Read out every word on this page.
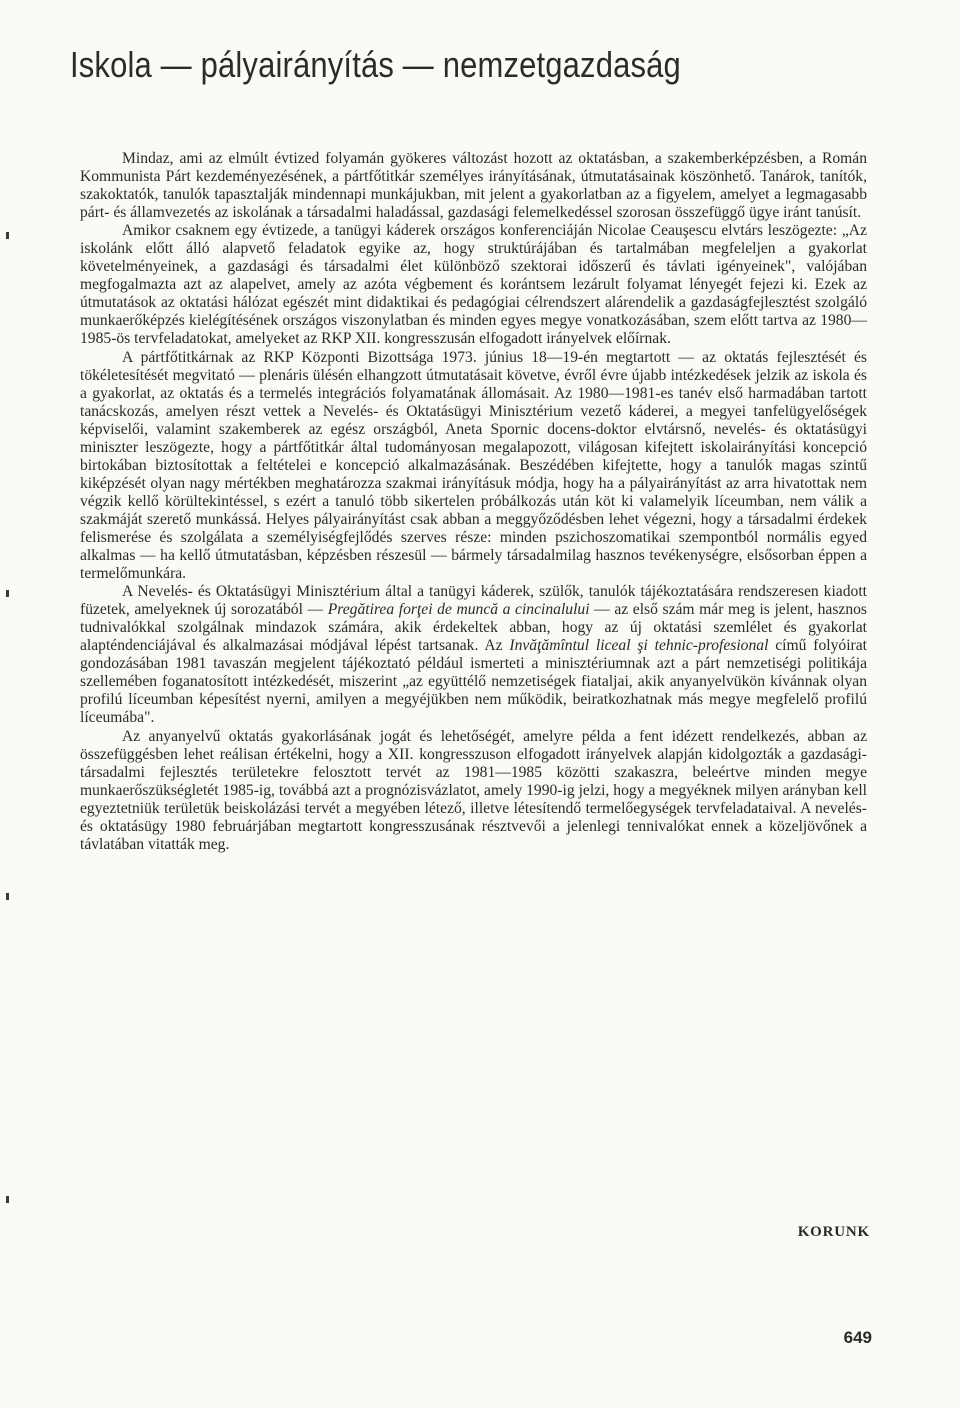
Iskola — pályairányítás — nemzetgazdaság

Mindaz, ami az elmúlt évtized folyamán gyökeres változást hozott az oktatásban, a szakemberképzésben, a Román Kommunista Párt kezdeményezésének, a pártfőtitkár személyes irányításának, útmutatásainak köszönhető. Tanárok, tanítók, szakoktatók, tanulók tapasztalják mindennapi munkájukban, mit jelent a gyakorlatban az a figyelem, amelyet a legmagasabb párt- és államvezetés az iskolának a társadalmi haladással, gazdasági felemelkedéssel szorosan összefüggő ügye iránt tanúsít.

Amikor csaknem egy évtizede, a tanügyi káderek országos konferenciáján Nicolae Ceauşescu elvtárs leszögezte: „Az iskolánk előtt álló alapvető feladatok egyike az, hogy struktúrájában és tartalmában megfeleljen a gyakorlat követelményeinek, a gazdasági és társadalmi élet különböző szektorai időszerű és távlati igényeinek", valójában megfogalmazta azt az alapelvet, amely az azóta végbement és korántsem lezárult folyamat lényegét fejezi ki. Ezek az útmutatások az oktatási hálózat egészét mint didaktikai és pedagógiai célrendszert alárendelik a gazdaságfejlesztést szolgáló munkaerőképzés kielégítésének országos viszonylatban és minden egyes megye vonatkozásában, szem előtt tartva az 1980—1985-ös tervfeladatokat, amelyeket az RKP XII. kongresszusán elfogadott irányelvek előírnak.

A pártfőtitkárnak az RKP Központi Bizottsága 1973. június 18—19-én megtartott — az oktatás fejlesztését és tökéletesítését megvitató — plenáris ülésén elhangzott útmutatásait követve, évről évre újabb intézkedések jelzik az iskola és a gyakorlat, az oktatás és a termelés integrációs folyamatának állomásait. Az 1980—1981-es tanév első harmadában tartott tanácskozás, amelyen részt vettek a Nevelés- és Oktatásügyi Minisztérium vezető káderei, a megyei tanfelügyelőségek képviselői, valamint szakemberek az egész országból, Aneta Spornic docens-doktor elvtársnő, nevelés- és oktatásügyi miniszter leszögezte, hogy a pártfőtitkár által tudományosan megalapozott, világosan kifejtett iskolairányítási koncepció birtokában biztosítottak a feltételei e koncepció alkalmazásának. Beszédében kifejtette, hogy a tanulók magas szintű kiképzését olyan nagy mértékben meghatározza szakmai irányításuk módja, hogy ha a pályairányítást az arra hivatottak nem végzik kellő körültekintéssel, s ezért a tanuló több sikertelen próbálkozás után köt ki valamelyik líceumban, nem válik a szakmáját szerető munkássá. Helyes pályairányítást csak abban a meggyőződésben lehet végezni, hogy a társadalmi érdekek felismerése és szolgálata a személyiségfejlődés szerves része: minden pszichoszomatikai szempontból normális egyed alkalmas — ha kellő útmutatásban, képzésben részesül — bármely társadalmilag hasznos tevékenységre, elsősorban éppen a termelőmunkára.

A Nevelés- és Oktatásügyi Minisztérium által a tanügyi káderek, szülők, tanulók tájékoztatására rendszeresen kiadott füzetek, amelyeknek új sorozatából — Pregătirea forţei de muncă a cincinalului — az első szám már meg is jelent, hasznos tudnivalókkal szolgálnak mindazok számára, akik érdekeltek abban, hogy az új oktatási szemlélet és gyakorlat alapténdenciájával és alkalmazásai módjával lépést tartsanak. Az Invăţămîntul liceal şi tehnic-profesional című folyóirat gondozásában 1981 tavaszán megjelent tájékoztató például ismerteti a minisztériumnak azt a párt nemzetiségi politikája szellemében foganatosított intézkedését, miszerint „az együttélő nemzetiségek fiataljai, akik anyanyelvükön kívánnak olyan profilú líceumban képesítést nyerni, amilyen a megyéjükben nem működik, beiratkozhatnak más megye megfelelő profilú líceumába".

Az anyanyelvű oktatás gyakorlásának jogát és lehetőségét, amelyre példa a fent idézett rendelkezés, abban az összefüggésben lehet reálisan értékelni, hogy a XII. kongresszuson elfogadott irányelvek alapján kidolgozták a gazdasági-társadalmi fejlesztés területekre felosztott tervét az 1981—1985 közötti szakaszra, beleértve minden megye munkaerőszükségletét 1985-ig, továbbá azt a prognózisvázlatot, amely 1990-ig jelzi, hogy a megyéknek milyen arányban kell egyeztetniük területük beiskolázási tervét a megyében létező, illetve létesítendő termelőegységek tervfeladataival. A nevelés- és oktatásügy 1980 februárjában megtartott kongresszusának résztvevői a jelenlegi tennivalókat ennek a közeljövőnek a távlatában vitatták meg.

KORUNK
649
